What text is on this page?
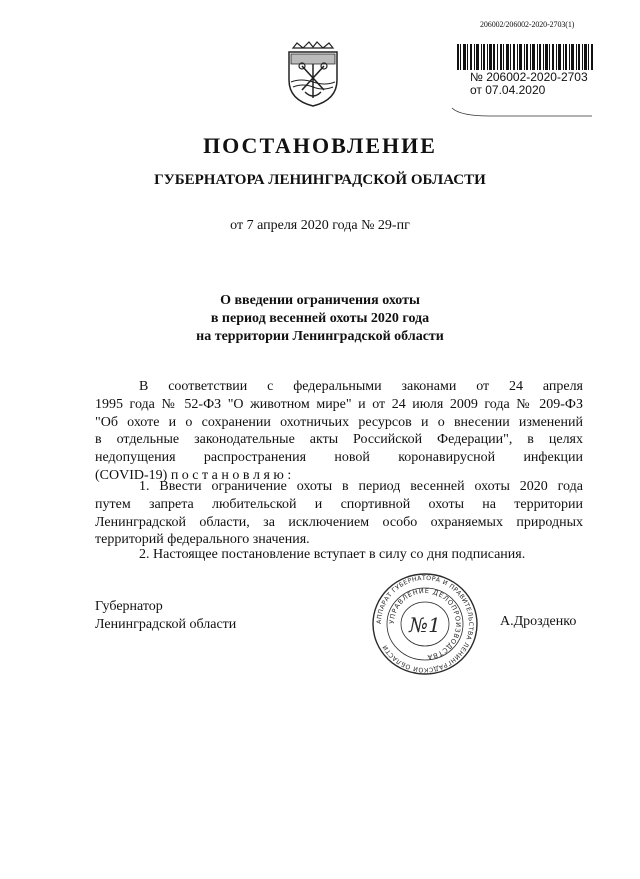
206002/206002-2020-2703(1)
№ 206002-2020-2703
от 07.04.2020
ПОСТАНОВЛЕНИЕ
ГУБЕРНАТОРА ЛЕНИНГРАДСКОЙ ОБЛАСТИ
от 7 апреля 2020 года № 29-пг
О введении ограничения охоты
в период весенней охоты 2020 года
на территории Ленинградской области
В соответствии с федеральными законами от 24 апреля
1995 года № 52-ФЗ "О животном мире" и от 24 июля 2009 года № 209-ФЗ
"Об охоте и о сохранении охотничьих ресурсов и о внесении изменений
в отдельные законодательные акты Российской Федерации", в целях
недопущения распространения новой коронавирусной инфекции
(COVID-19) п о с т а н о в л я ю :
1. Ввести ограничение охоты в период весенней охоты 2020 года
путем запрета любительской и спортивной охоты на территории
Ленинградской области, за исключением особо охраняемых природных
территорий федерального значения.
2. Настоящее постановление вступает в силу со дня подписания.
Губернатор
Ленинградской области	А.Дрозденко
АППАРАТ ГУБЕРНАТОРА И ПРАВИТЕЛЬСТВА ЛЕНИНГРАДСКОЙ ОБЛАСТИ
УПРАВЛЕНИЕ ДЕЛОПРОИЗВОДСТВА
№1
